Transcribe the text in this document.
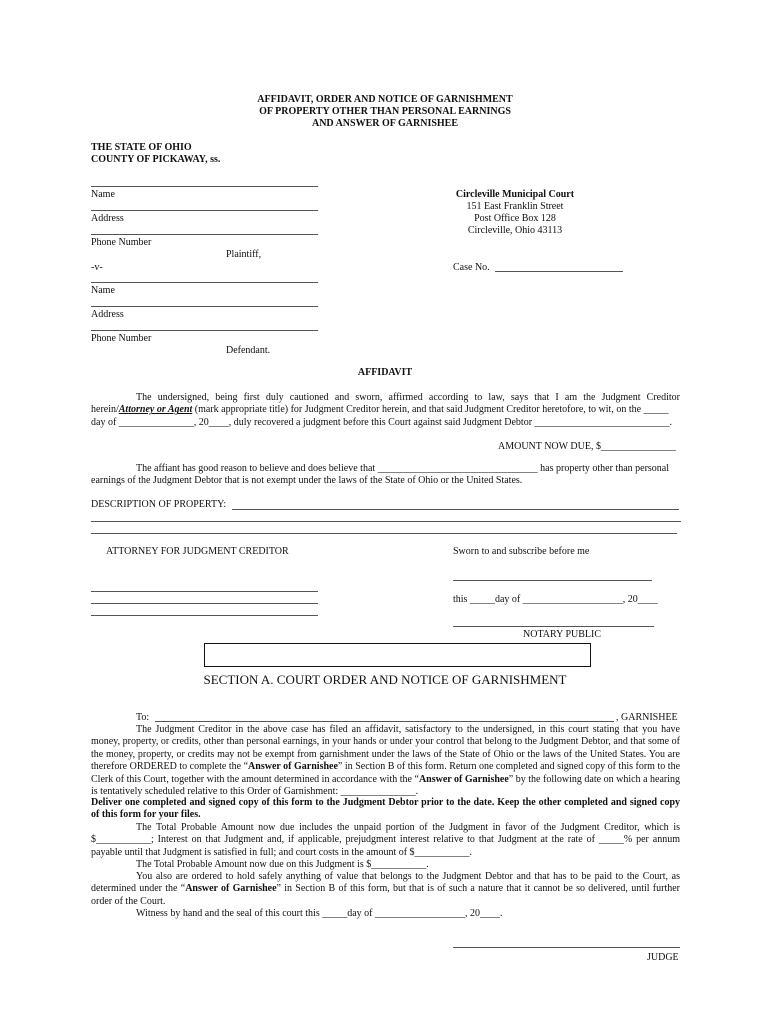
AFFIDAVIT, ORDER AND NOTICE OF GARNISHMENT
OF PROPERTY OTHER THAN PERSONAL EARNINGS
AND ANSWER OF GARNISHEE
THE STATE OF OHIO
COUNTY OF PICKAWAY, ss.
Name
Address
Phone Number
Plaintiff,
-v-
Name
Address
Phone Number
Defendant.
Circleville Municipal Court
151 East Franklin Street
Post Office Box 128
Circleville, Ohio 43113
Case No.
AFFIDAVIT
The undersigned, being first duly cautioned and sworn, affirmed according to law, says that I am the Judgment Creditor herein/Attorney or Agent (mark appropriate title) for Judgment Creditor herein, and that said Judgment Creditor heretofore, to wit, on the _____
day of _______________, 20____, duly recovered a judgment before this Court against said Judgment Debtor ___________________________.
AMOUNT NOW DUE, $_______________
The affiant has good reason to believe and does believe that ________________________________ has property other than personal
earnings of the Judgment Debtor that is not exempt under the laws of the State of Ohio or the United States.
DESCRIPTION OF PROPERTY:
ATTORNEY FOR JUDGMENT CREDITOR	Sworn to and subscribe before me
this _____day of ____________________, 20____
NOTARY PUBLIC
SECTION A. COURT ORDER AND NOTICE OF GARNISHMENT
To:	, GARNISHEE
The Judgment Creditor in the above case has filed an affidavit, satisfactory to the undersigned, in this court stating that you have money, property, or credits, other than personal earnings, in your hands or under your control that belong to the Judgment Debtor, and that some of the money, property, or credits may not be exempt from garnishment under the laws of the State of Ohio or the laws of the United States. You are therefore ORDERED to complete the “Answer of Garnishee” in Section B of this form. Return one completed and signed copy of this form to the Clerk of this Court, together with the amount determined in accordance with the “Answer of Garnishee” by the following date on which a hearing is tentatively scheduled relative to this Order of Garnishment: _______________.
Deliver one completed and signed copy of this form to the Judgment Debtor prior to the date. Keep the other completed and signed copy of this form for your files.
The Total Probable Amount now due includes the unpaid portion of the Judgment in favor of the Judgment Creditor, which is $___________; Interest on that Judgment and, if applicable, prejudgment interest relative to that Judgment at the rate of _____% per annum payable until that Judgment is satisfied in full; and court costs in the amount of $___________.
The Total Probable Amount now due on this Judgment is $___________.
You also are ordered to hold safely anything of value that belongs to the Judgment Debtor and that has to be paid to the Court, as determined under the “Answer of Garnishee” in Section B of this form, but that is of such a nature that it cannot be so delivered, until further order of the Court.
Witness by hand and the seal of this court this _____day of __________________, 20____.
JUDGE
